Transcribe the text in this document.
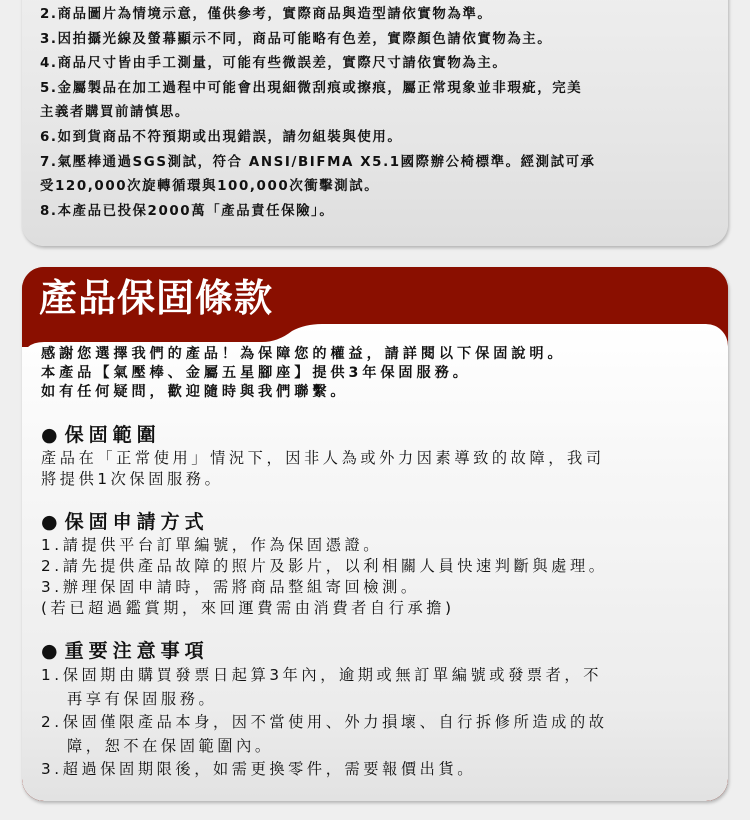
2.商品圖片為情境示意，僅供參考，實際商品與造型請依實物為準。
3.因拍攝光線及螢幕顯示不同，商品可能略有色差，實際顏色請依實物為主。
4.商品尺寸皆由手工測量，可能有些微誤差，實際尺寸請依實物為主。
5.金屬製品在加工過程中可能會出現細微刮痕或擦痕，屬正常現象並非瑕疵，完美
主義者購買前請慎思。
6.如到貨商品不符預期或出現錯誤，請勿組裝與使用。
7.氣壓棒通過SGS測試，符合 ANSI/BIFMA X5.1國際辦公椅標準。經測試可承
受120,000次旋轉循環與100,000次衝擊測試。
8.本產品已投保2000萬「產品責任保險」。
產品保固條款

感謝您選擇我們的產品！為保障您的權益，請詳閱以下保固說明。

本產品【氣壓棒、金屬五星腳座】提供3年保固服務。

如有任何疑問，歡迎隨時與我們聯繫。

● 保固範圍

產品在「正常使用」情況下，因非人為或外力因素導致的故障，我司

將提供1次保固服務。

● 保固申請方式

1.請提供平台訂單編號，作為保固憑證。

2.請先提供產品故障的照片及影片，以利相關人員快速判斷與處理。

3.辦理保固申請時，需將商品整組寄回檢測。

(若已超過鑑賞期，來回運費需由消費者自行承擔)

● 重要注意事項

1.保固期由購買發票日起算3年內，逾期或無訂單編號或發票者，不

再享有保固服務。

2.保固僅限產品本身，因不當使用、外力損壞、自行拆修所造成的故

障，恕不在保固範圍內。

3.超過保固期限後，如需更換零件，需要報價出貨。
